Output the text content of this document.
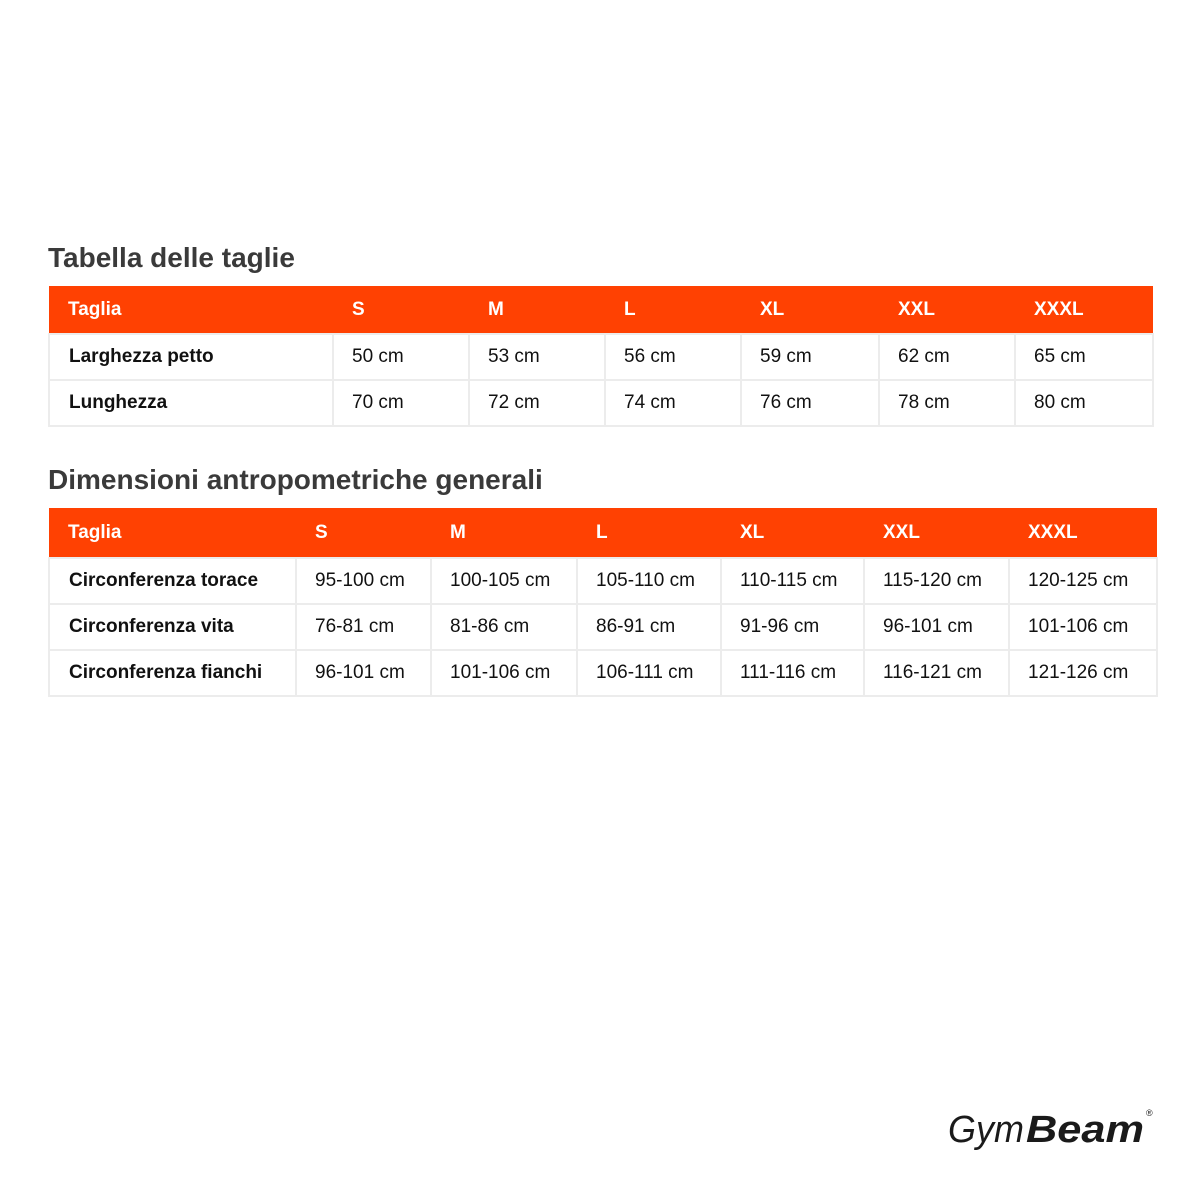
Tabella delle taglie
Taglia	S	M	L	XL	XXL	XXXL
Larghezza petto	50 cm	53 cm	56 cm	59 cm	62 cm	65 cm
Lunghezza	70 cm	72 cm	74 cm	76 cm	78 cm	80 cm
Dimensioni antropometriche generali
Taglia	S	M	L	XL	XXL	XXXL
Circonferenza torace	95-100 cm	100-105 cm	105-110 cm	110-115 cm	115-120 cm	120-125 cm
Circonferenza vita	76-81 cm	81-86 cm	86-91 cm	91-96 cm	96-101 cm	101-106 cm
Circonferenza fianchi	96-101 cm	101-106 cm	106-111 cm	111-116 cm	116-121 cm	121-126 cm
Gym Beam ®
